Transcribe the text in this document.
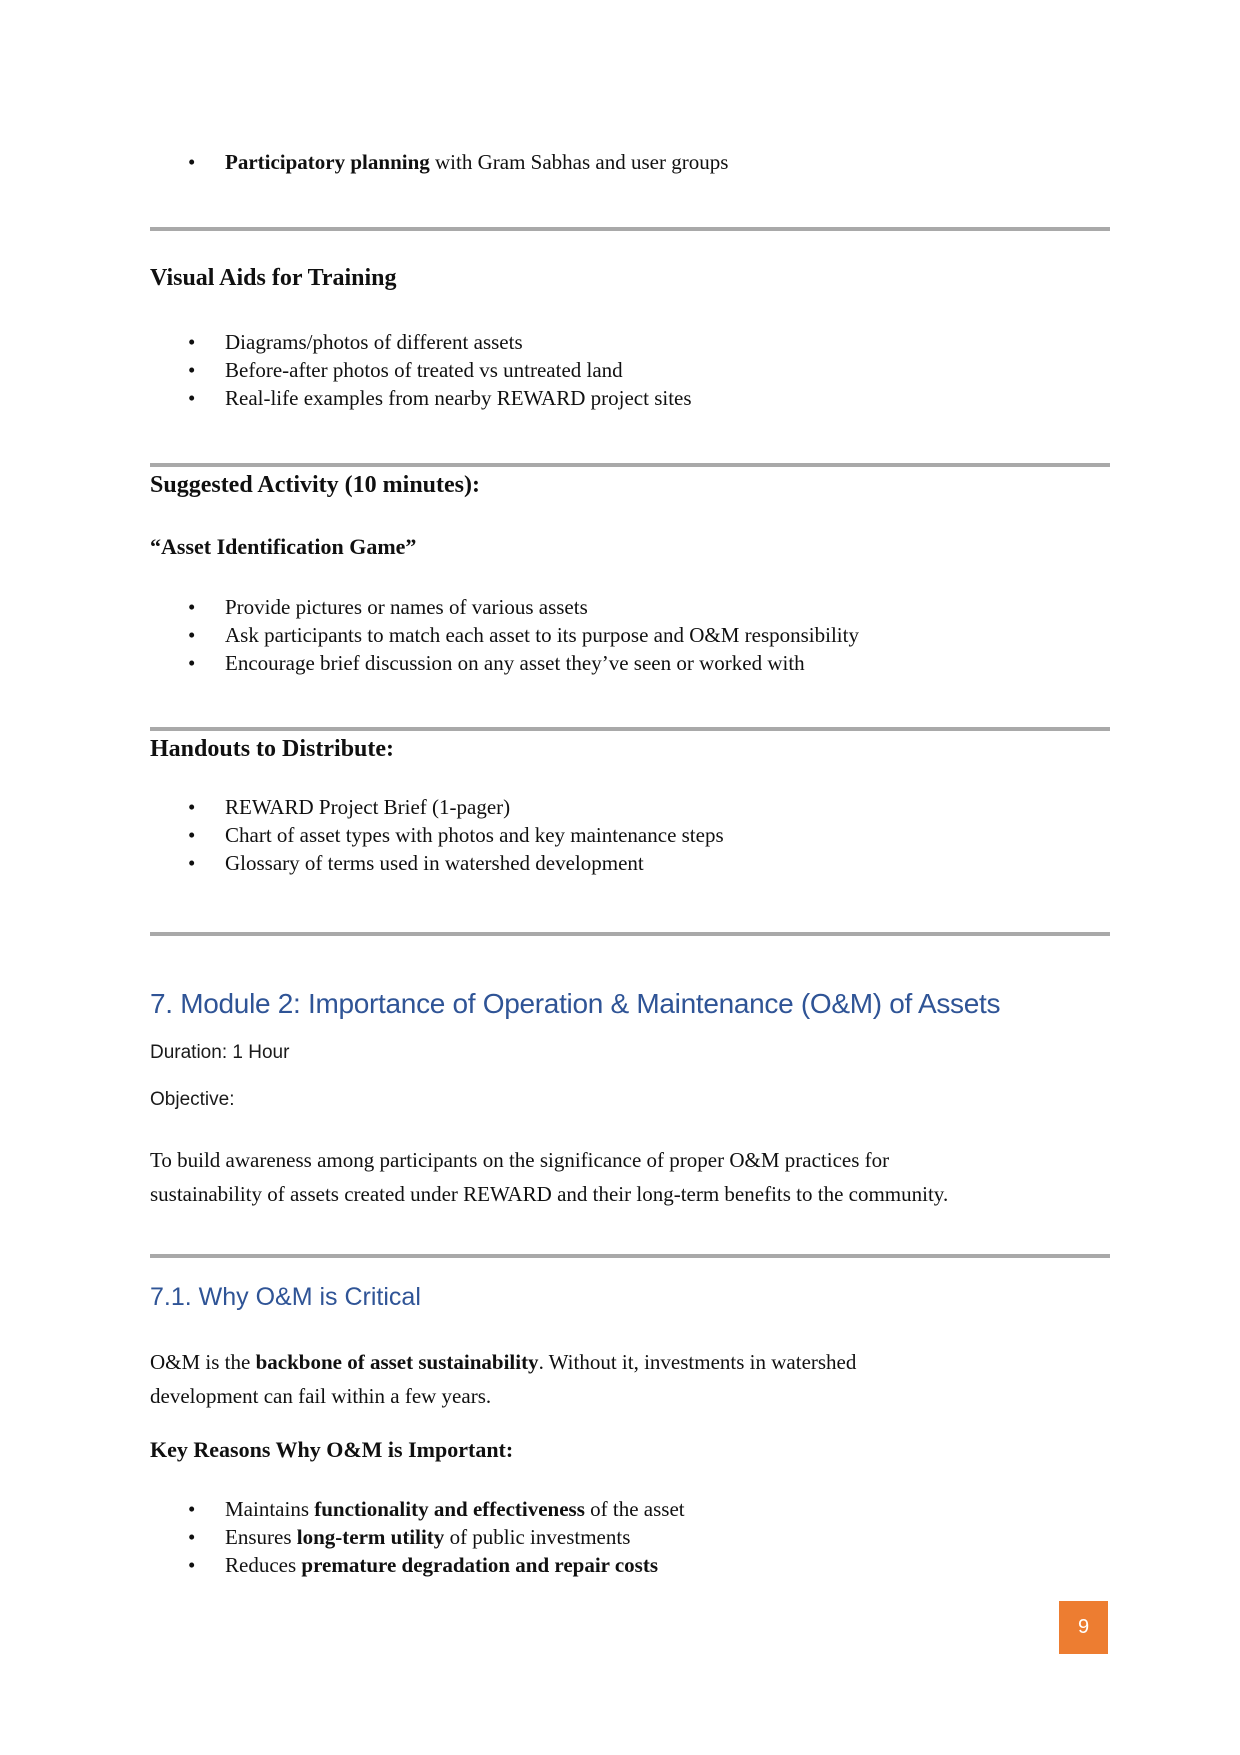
• Participatory planning with Gram Sabhas and user groups
Visual Aids for Training
• Diagrams/photos of different assets
• Before-after photos of treated vs untreated land
• Real-life examples from nearby REWARD project sites
Suggested Activity (10 minutes):
“Asset Identification Game”
• Provide pictures or names of various assets
• Ask participants to match each asset to its purpose and O&M responsibility
• Encourage brief discussion on any asset they’ve seen or worked with
Handouts to Distribute:
• REWARD Project Brief (1-pager)
• Chart of asset types with photos and key maintenance steps
• Glossary of terms used in watershed development
7. Module 2: Importance of Operation & Maintenance (O&M) of Assets
Duration: 1 Hour
Objective:
To build awareness among participants on the significance of proper O&M practices for
sustainability of assets created under REWARD and their long-term benefits to the community.
7.1. Why O&M is Critical
O&M is the backbone of asset sustainability. Without it, investments in watershed
development can fail within a few years.
Key Reasons Why O&M is Important:
• Maintains functionality and effectiveness of the asset
• Ensures long-term utility of public investments
• Reduces premature degradation and repair costs
9
